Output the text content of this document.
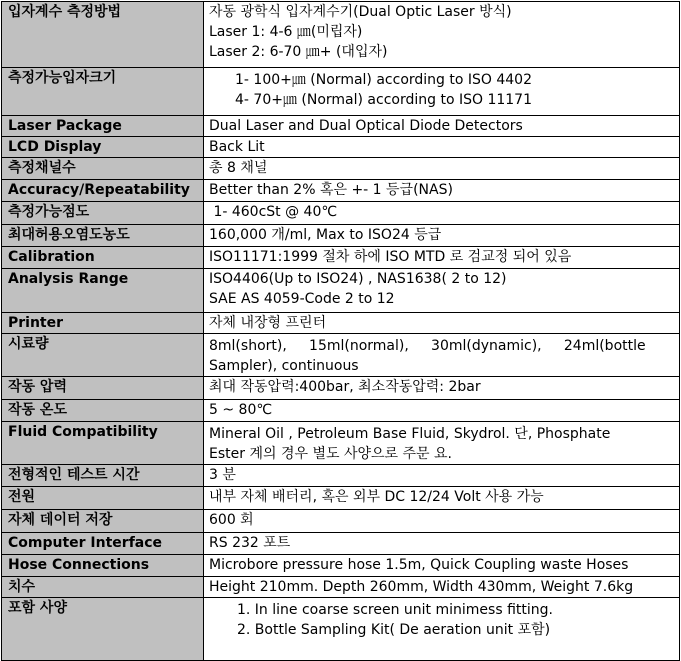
입자계수 측정방법	자동 광학식 입자계수기(Dual Optic Laser 방식)
Laser 1: 4-6 ㎛(미립자)
Laser 2: 6-70 ㎛+ (대입자)

측정가능입자크기	1- 100+㎛ (Normal) according to ISO 4402
4- 70+㎛ (Normal) according to ISO 11171

Laser Package	Dual Laser and Dual Optical Diode Detectors

LCD Display	Back Lit

측정채널수	총 8 채널

Accuracy/Repeatability	Better than 2% 혹은 +- 1 등급(NAS)

측정가능점도	1- 460cSt @ 40℃

최대허용오염도농도	160,000 개/ml, Max to ISO24 등급

Calibration	ISO11171:1999 절차 하에 ISO MTD 로 검교정 되어 있음

Analysis Range	ISO4406(Up to ISO24) , NAS1638( 2 to 12)
SAE AS 4059-Code 2 to 12

Printer	자체 내장형 프린터

시료량	8ml(short),     15ml(normal),     30ml(dynamic),     24ml(bottle
Sampler), continuous

작동 압력	최대 작동압력:400bar, 최소작동압력: 2bar

작동 온도	5 ~ 80℃

Fluid Compatibility	Mineral Oil , Petroleum Base Fluid, Skydrol. 단, Phosphate
Ester 계의 경우 별도 사양으로 주문 요.

전형적인 테스트 시간	3 분

전원	내부 자체 배터리, 혹은 외부 DC 12/24 Volt 사용 가능

자체 데이터 저장	600 회

Computer Interface	RS 232 포트

Hose Connections	Microbore pressure hose 1.5m, Quick Coupling waste Hoses

치수	Height 210mm. Depth 260mm, Width 430mm, Weight 7.6kg

포함 사양	1. In line coarse screen unit minimess fitting.
2. Bottle Sampling Kit( De aeration unit 포함)
